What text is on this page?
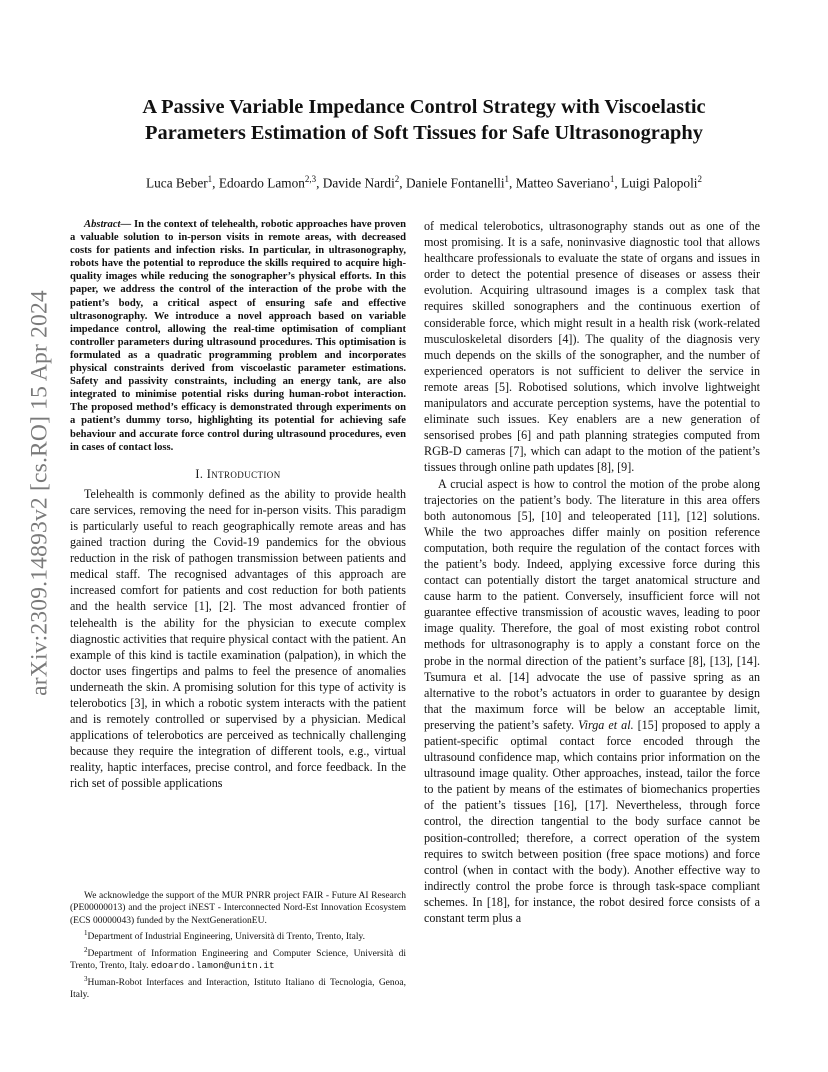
arXiv:2309.14893v2 [cs.RO] 15 Apr 2024
A Passive Variable Impedance Control Strategy with Viscoelastic
Parameters Estimation of Soft Tissues for Safe Ultrasonography

Luca Beber$^1$, Edoardo Lamon$^{2,3}$, Davide Nardi$^2$, Daniele Fontanelli$^1$, Matteo Saveriano$^1$, Luigi Palopoli$^2$

Abstract— In the context of telehealth, robotic approaches have proven a valuable solution to in-person visits in remote areas, with decreased costs for patients and infection risks. In particular, in ultrasonography, robots have the potential to reproduce the skills required to acquire high-quality images while reducing the sonographer’s physical efforts. In this paper, we address the control of the interaction of the probe with the patient’s body, a critical aspect of ensuring safe and effective ultrasonography. We introduce a novel approach based on variable impedance control, allowing the real-time optimisation of compliant controller parameters during ultrasound procedures. This optimisation is formulated as a quadratic programming problem and incorporates physical constraints derived from viscoelastic parameter estimations. Safety and passivity constraints, including an energy tank, are also integrated to minimise potential risks during human-robot interaction. The proposed method’s efficacy is demonstrated through experiments on a patient’s dummy torso, highlighting its potential for achieving safe behaviour and accurate force control during ultrasound procedures, even in cases of contact loss.

I. Introduction

Telehealth is commonly defined as the ability to provide health care services, removing the need for in-person visits. This paradigm is particularly useful to reach geographically remote areas and has gained traction during the Covid-19 pandemics for the obvious reduction in the risk of pathogen transmission between patients and medical staff. The recognised advantages of this approach are increased comfort for patients and cost reduction for both patients and the health service [1], [2]. The most advanced frontier of telehealth is the ability for the physician to execute complex diagnostic activities that require physical contact with the patient. An example of this kind is tactile examination (palpation), in which the doctor uses fingertips and palms to feel the presence of anomalies underneath the skin. A promising solution for this type of activity is telerobotics [3], in which a robotic system interacts with the patient and is remotely controlled or supervised by a physician. Medical applications of telerobotics are perceived as technically challenging because they require the integration of different tools, e.g., virtual reality, haptic interfaces, precise control, and force feedback. In the rich set of possible applications

of medical telerobotics, ultrasonography stands out as one of the most promising. It is a safe, noninvasive diagnostic tool that allows healthcare professionals to evaluate the state of organs and issues in order to detect the potential presence of diseases or assess their evolution. Acquiring ultrasound images is a complex task that requires skilled sonographers and the continuous exertion of considerable force, which might result in a health risk (work-related musculoskeletal disorders [4]). The quality of the diagnosis very much depends on the skills of the sonographer, and the number of experienced operators is not sufficient to deliver the service in remote areas [5]. Robotised solutions, which involve lightweight manipulators and accurate perception systems, have the potential to eliminate such issues. Key enablers are a new generation of sensorised probes [6] and path planning strategies computed from RGB-D cameras [7], which can adapt to the motion of the patient’s tissues through online path updates [8], [9].

A crucial aspect is how to control the motion of the probe along trajectories on the patient’s body. The literature in this area offers both autonomous [5], [10] and teleoperated [11], [12] solutions. While the two approaches differ mainly on position reference computation, both require the regulation of the contact forces with the patient’s body. Indeed, applying excessive force during this contact can potentially distort the target anatomical structure and cause harm to the patient. Conversely, insufficient force will not guarantee effective transmission of acoustic waves, leading to poor image quality. Therefore, the goal of most existing robot control methods for ultrasonography is to apply a constant force on the probe in the normal direction of the patient’s surface [8], [13], [14]. Tsumura et al. [14] advocate the use of passive spring as an alternative to the robot’s actuators in order to guarantee by design that the maximum force will be below an acceptable limit, preserving the patient’s safety. Virga et al. [15] proposed to apply a patient-specific optimal contact force encoded through the ultrasound confidence map, which contains prior information on the ultrasound image quality. Other approaches, instead, tailor the force to the patient by means of the estimates of biomechanics properties of the patient’s tissues [16], [17]. Nevertheless, through force control, the direction tangential to the body surface cannot be position-controlled; therefore, a correct operation of the system requires to switch between position (free space motions) and force control (when in contact with the body). Another effective way to indirectly control the probe force is through task-space compliant schemes. In [18], for instance, the robot desired force consists of a constant term plus a

We acknowledge the support of the MUR PNRR project FAIR - Future AI Research (PE00000013) and the project iNEST - Interconnected Nord-Est Innovation Ecosystem (ECS 00000043) funded by the NextGenerationEU.

$^1$Department of Industrial Engineering, Università di Trento, Trento, Italy.

$^2$Department of Information Engineering and Computer Science, Università di Trento, Trento, Italy. edoardo.lamon@unitn.it

$^3$Human-Robot Interfaces and Interaction, Istituto Italiano di Tecnologia, Genoa, Italy.
